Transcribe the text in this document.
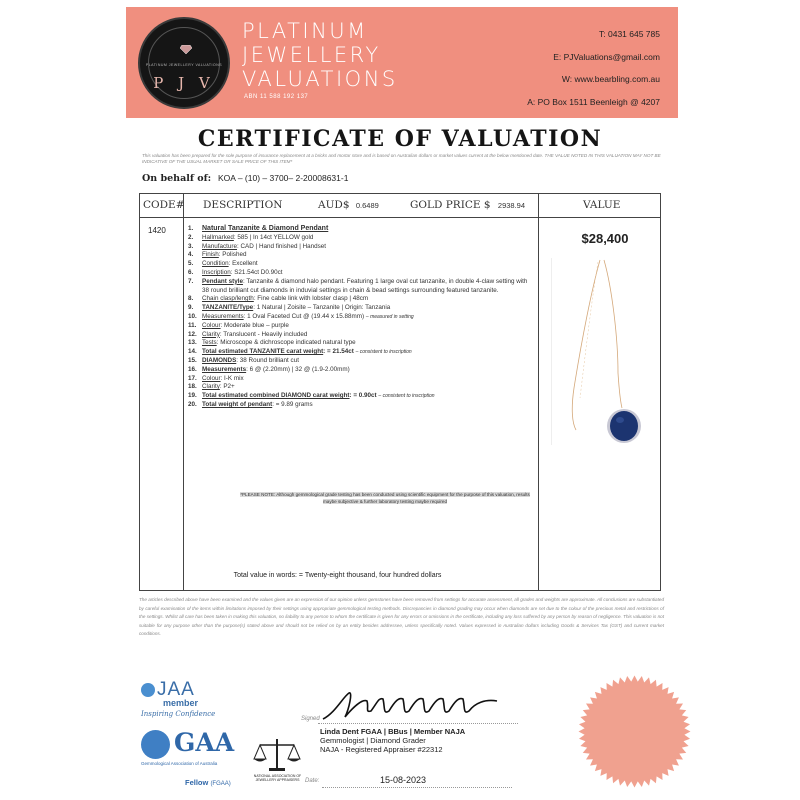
PLATINUM JEWELLERY VALUATIONS
P J V
PLATINUM
JEWELLERY
VALUATIONS
ABN 11 588 192 137
T: 0431 645 785
E: PJValuations@gmail.com
W: www.bearbling.com.au
A: PO Box 1511 Beenleigh @ 4207
CERTIFICATE OF VALUATION
This valuation has been prepared for the sole purpose of insurance replacement at a bricks and mortar store and is based on Australian dollars or market values current at the below mentioned date. THE VALUE NOTED IN THIS VALUATION MAY NOT BE INDICATIVE OF THE USUAL MARKET OR SALE PRICE OF THIS ITEM*
On behalf of: KOA – (10) – 3700– 2-20008631-1
CODE# DESCRIPTION	AUD$ 0.6489	GOLD PRICE $ 2938.94	VALUE
1420	1. Natural Tanzanite & Diamond Pendant
2. Hallmarked: 585 | In 14ct YELLOW gold
3. Manufacture: CAD | Hand finished | Handset
4. Finish: Polished
5. Condition: Excellent
6. Inscription: S21.54ct D0.90ct
7. Pendant style: Tanzanite & diamond halo pendant. Featuring 1 large oval cut tanzanite, in double 4-claw setting with 38 round brilliant cut diamonds in induvial settings in chain & bead settings surrounding featured tanzanite.
8. Chain clasp/length: Fine cable link with lobster clasp | 48cm
9. TANZANITE/Type: 1 Natural | Zoisite – Tanzanite | Origin: Tanzania
10. Measurements: 1 Oval Faceted Cut @ (19.44 x 15.88mm) – measured in setting
11. Colour: Moderate blue – purple
12. Clarity: Translucent - Heavily included
13. Tests: Microscope & dichroscope indicated natural type
14. Total estimated TANZANITE carat weight: = 21.54ct – consistent to inscription
15. DIAMONDS: 38 Round brilliant cut
16. Measurements: 6 @ (2.20mm) | 32 @ (1.9-2.00mm)
17. Colour: I-K mix
18. Clarity: P2+
19. Total estimated combined DIAMOND carat weight: = 0.90ct – consistent to inscription
20. Total weight of pendant: = 9.89 grams
*PLEASE NOTE: Although gemmological grade testing has been conducted using scientific equipment for the purpose of this valuation, results maybe subjective & further laboratory testing maybe required
Total value in words: = Twenty-eight thousand, four hundred dollars
$28,400
The articles described above have been examined and the values given are an expression of our opinion unless gemstones have been removed from settings for accurate assessment, all grades and weights are approximate. All conclusions are substantiated by careful examination of the items within limitations imposed by their settings using appropriate gemmological testing methods. Discrepancies in diamond grading may occur when diamonds are set due to the colour of the precious metal and restrictions of the settings. Whilst all care has been taken in making this valuation, no liability to any person to whom the certificate is given for any errors or omissions in the certificate, including any loss suffered by any person by reason of negligence. This valuation is not suitable for any purpose other than the purpose(s) stated above and should not be relied on by an entity besides addressee, unless specifically noted. Values expressed in Australian dollars including Goods & Services Tax (GST) and current market conditions.
JAA
member
Inspiring Confidence
GAA
Gemmological Association of Australia
Fellow (FGAA)
NATIONAL ASSOCIATION OF JEWELLERY APPRAISERS
Signed
Linda Dent FGAA | BBus | Member NAJA
Gemmologist | Diamond Grader
NAJA - Registered Appraiser #22312
Date:	15-08-2023
